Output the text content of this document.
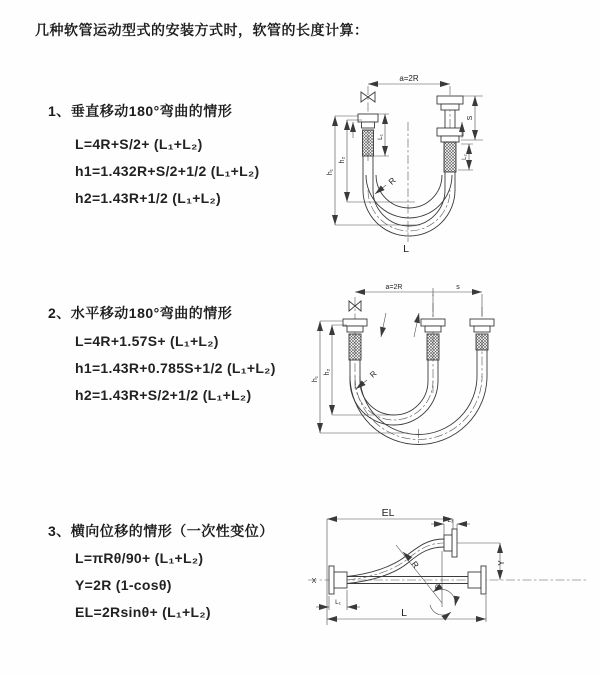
几种软管运动型式的安装方式时，软管的长度计算：
1、垂直移动180°弯曲的情形
L=4R+S/2+ (L₁+L₂)
h1=1.432R+S/2+1/2 (L₁+L₂)
h2=1.43R+1/2 (L₁+L₂)
2、水平移动180°弯曲的情形
L=4R+1.57S+ (L₁+L₂)
h1=1.43R+0.785S+1/2 (L₁+L₂)
h2=1.43R+S/2+1/2 (L₁+L₂)
3、横向位移的情形（一次性变位）
L=πRθ/90+ (L₁+L₂)
Y=2R (1-cosθ)
EL=2Rsinθ+ (L₁+L₂)
a=2R
L₁
h₁
h₂
S
L₂
R
L
a=2R	s
h₁
h₂	R
X
EL
L₂
Y
R
θ
L₁
L
